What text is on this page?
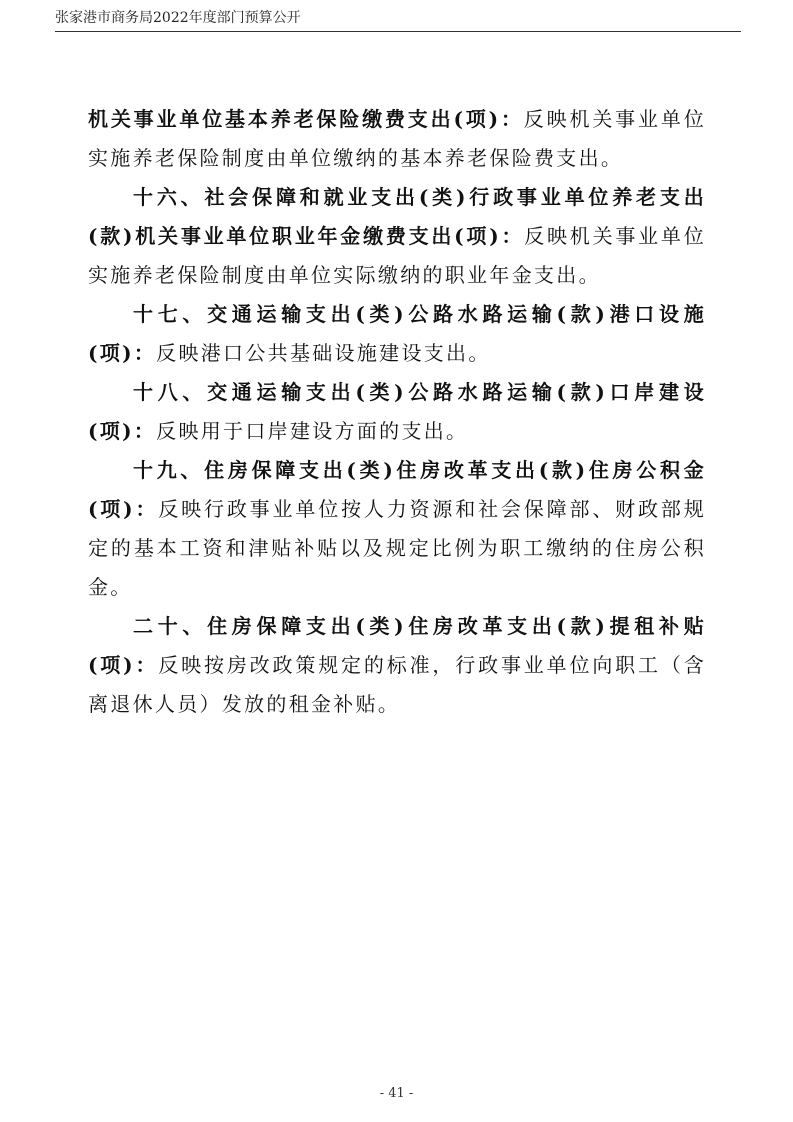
张家港市商务局2022年度部门预算公开

机关事业单位基本养老保险缴费支出(项)：反映机关事业单位实施养老保险制度由单位缴纳的基本养老保险费支出。

十六、社会保障和就业支出(类)行政事业单位养老支出(款)机关事业单位职业年金缴费支出(项)：反映机关事业单位实施养老保险制度由单位实际缴纳的职业年金支出。

十七、交通运输支出(类)公路水路运输(款)港口设施(项)：反映港口公共基础设施建设支出。

十八、交通运输支出(类)公路水路运输(款)口岸建设(项)：反映用于口岸建设方面的支出。

十九、住房保障支出(类)住房改革支出(款)住房公积金(项)：反映行政事业单位按人力资源和社会保障部、财政部规定的基本工资和津贴补贴以及规定比例为职工缴纳的住房公积金。

二十、住房保障支出(类)住房改革支出(款)提租补贴(项)：反映按房改政策规定的标准，行政事业单位向职工（含离退休人员）发放的租金补贴。

- 41 -
